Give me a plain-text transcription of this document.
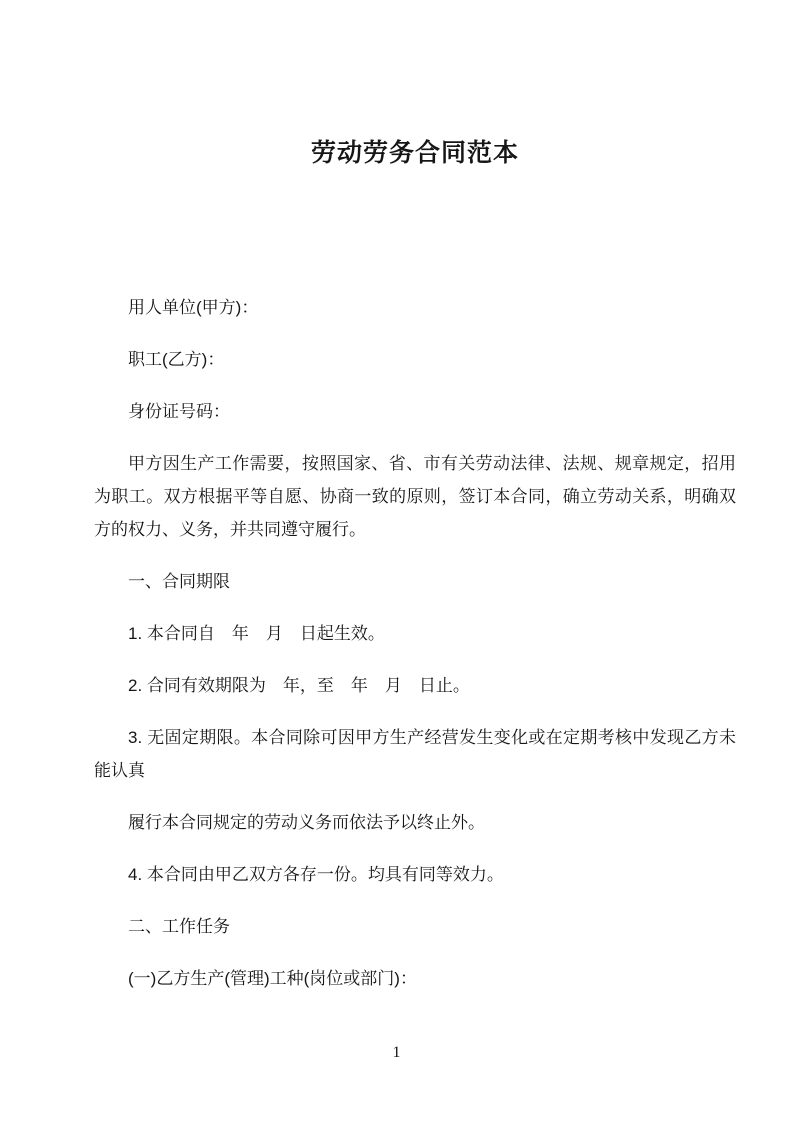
劳动劳务合同范本

用人单位(甲方)：

职工(乙方)：

身份证号码：

甲方因生产工作需要，按照国家、省、市有关劳动法律、法规、规章规定，招用为职工。双方根据平等自愿、协商一致的原则，签订本合同，确立劳动关系，明确双方的权力、义务，并共同遵守履行。

一、合同期限

1. 本合同自　年　月　日起生效。

2. 合同有效期限为　年，至　年　月　日止。

3. 无固定期限。本合同除可因甲方生产经营发生变化或在定期考核中发现乙方未能认真

履行本合同规定的劳动义务而依法予以终止外。

4. 本合同由甲乙双方各存一份。均具有同等效力。

二、工作任务

(一)乙方生产(管理)工种(岗位或部门)：

1
